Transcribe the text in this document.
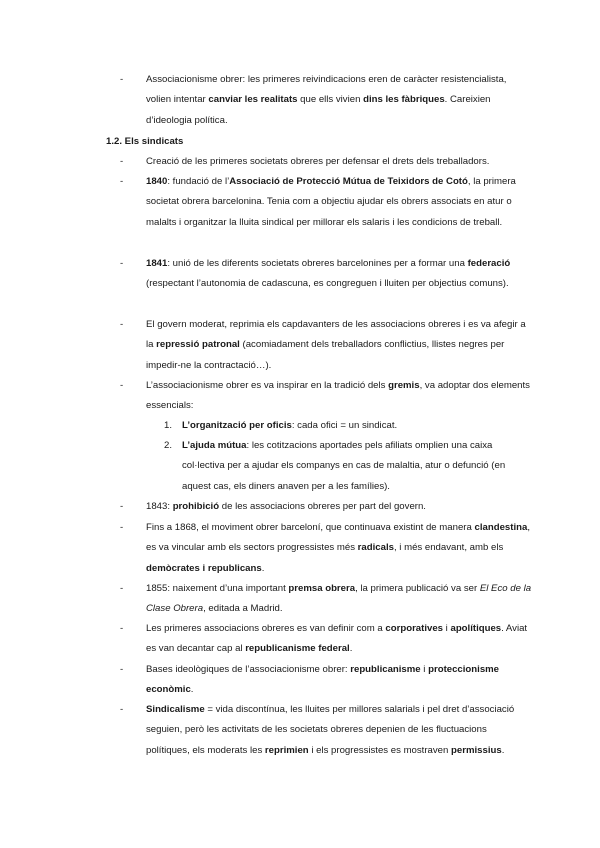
- Associacionisme obrer: les primeres reivindicacions eren de caràcter resistencialista, volien intentar canviar les realitats que ells vivien dins les fàbriques. Careixien d’ideologia política.
1.2. Els sindicats
- Creació de les primeres societats obreres per defensar el drets dels treballadors.
- 1840: fundació de l’Associació de Protecció Mútua de Teixidors de Cotó, la primera societat obrera barcelonina. Tenia com a objectiu ajudar els obrers associats en atur o malalts i organitzar la lluita sindical per millorar els salaris i les condicions de treball.
- 1841: unió de les diferents societats obreres barcelonines per a formar una federació (respectant l’autonomia de cadascuna, es congreguen i lluiten per objectius comuns).
- El govern moderat, reprimia els capdavanters de les associacions obreres i es va afegir a la repressió patronal (acomiadament dels treballadors conflictius, llistes negres per impedir-ne la contractació…).
- L’associacionisme obrer es va inspirar en la tradició dels gremis, va adoptar dos elements essencials:
1. L’organització per oficis: cada ofici = un sindicat.
2. L’ajuda mútua: les cotitzacions aportades pels afiliats omplien una caixa col·lectiva per a ajudar els companys en cas de malaltia, atur o defunció (en aquest cas, els diners anaven per a les famílies).
- 1843: prohibició de les associacions obreres per part del govern.
- Fins a 1868, el moviment obrer barceloní, que continuava existint de manera clandestina, es va vincular amb els sectors progressistes més radicals, i més endavant, amb els demòcrates i republicans.
- 1855: naixement d’una important premsa obrera, la primera publicació va ser El Eco de la Clase Obrera, editada a Madrid.
- Les primeres associacions obreres es van definir com a corporatives i apolítiques. Aviat es van decantar cap al republicanisme federal.
- Bases ideològiques de l’associacionisme obrer: republicanisme i proteccionisme econòmic.
- Sindicalisme = vida discontínua, les lluites per millores salarials i pel dret d’associació seguien, però les activitats de les societats obreres depenien de les fluctuacions polítiques, els moderats les reprimien i els progressistes es mostraven permissius.
